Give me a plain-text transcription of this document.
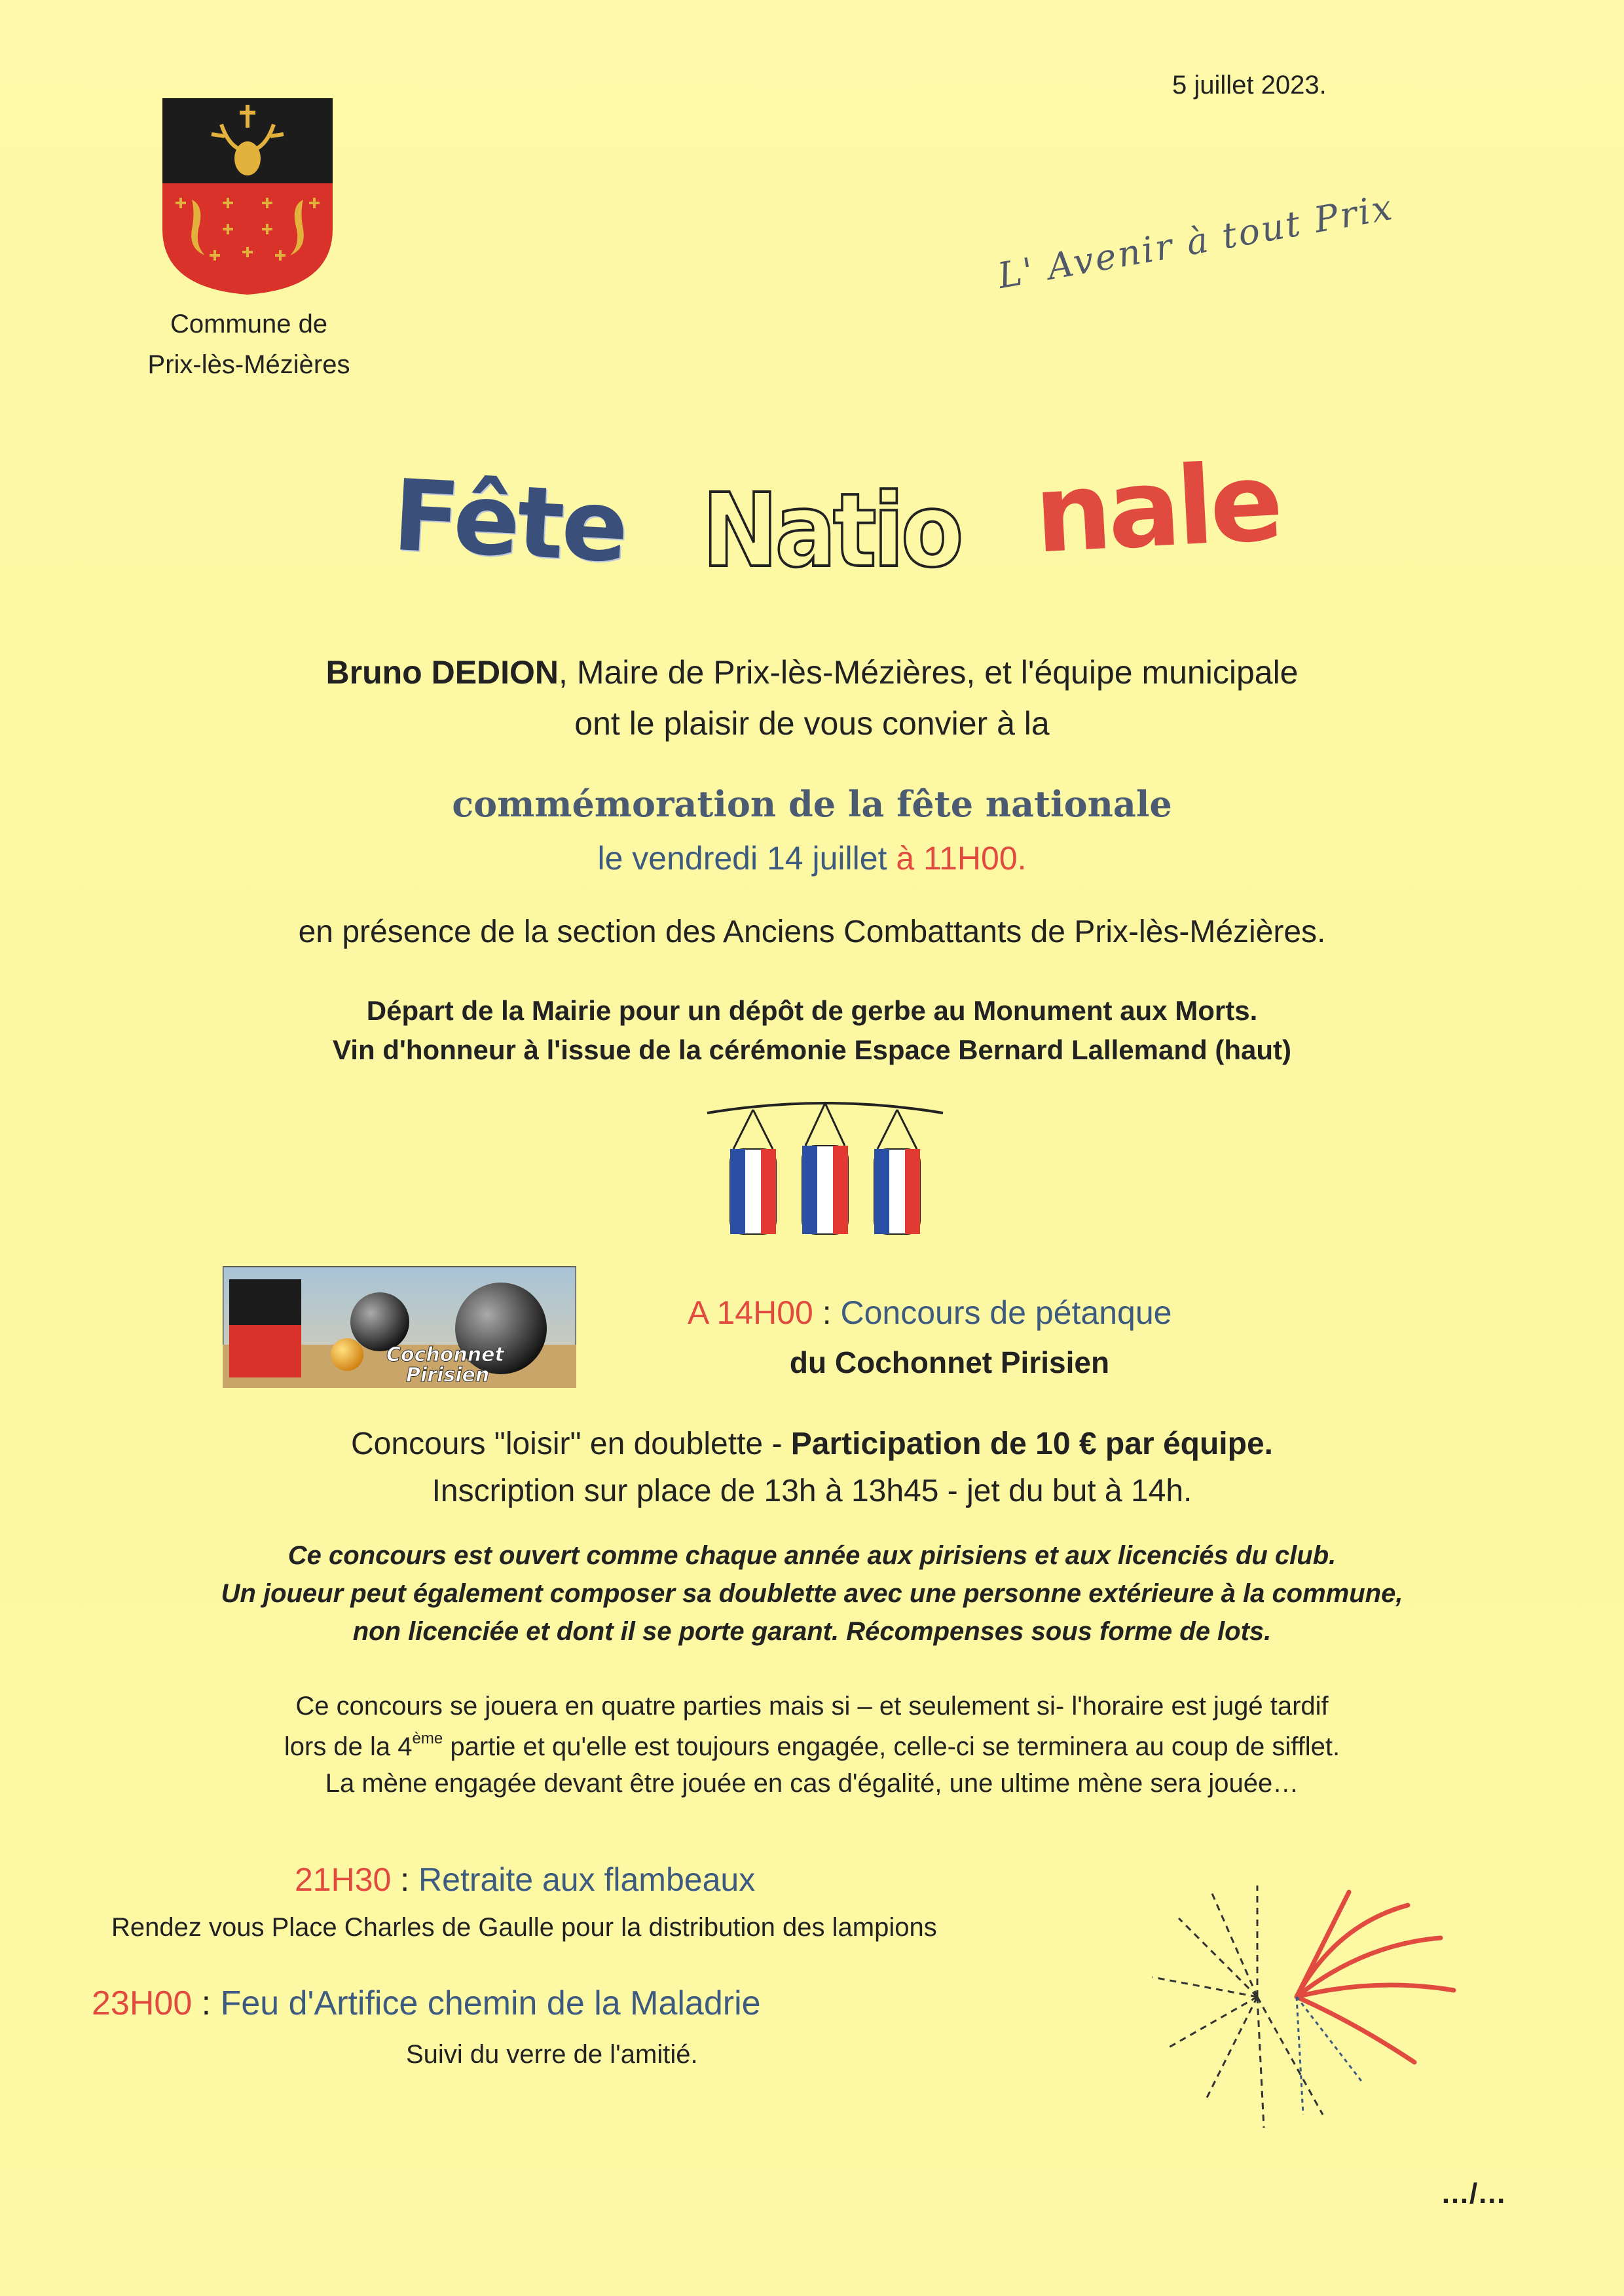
5 juillet 2023.
Commune de
Prix-lès-Mézières
L' Avenir à tout Prix
Fête Natio nale
Bruno DEDION, Maire de Prix-lès-Mézières, et l'équipe municipale
ont le plaisir de vous convier à la
commémoration de la fête nationale
le vendredi 14 juillet à 11H00.
en présence de la section des Anciens Combattants de Prix-lès-Mézières.
Départ de la Mairie pour un dépôt de gerbe au Monument aux Morts.
Vin d'honneur à l'issue de la cérémonie Espace Bernard Lallemand (haut)
Cochonnet
Pirisien
A 14H00 : Concours de pétanque
du Cochonnet Pirisien
Concours "loisir" en doublette - Participation de 10 € par équipe.
Inscription sur place de 13h à 13h45 - jet du but à 14h.
Ce concours est ouvert comme chaque année aux pirisiens et aux licenciés du club.
Un joueur peut également composer sa doublette avec une personne extérieure à la commune,
non licenciée et dont il se porte garant. Récompenses sous forme de lots.
Ce concours se jouera en quatre parties mais si – et seulement si- l'horaire est jugé tardif
lors de la 4ème partie et qu'elle est toujours engagée, celle-ci se terminera au coup de sifflet.
La mène engagée devant être jouée en cas d'égalité, une ultime mène sera jouée…
21H30 : Retraite aux flambeaux
Rendez vous Place Charles de Gaulle pour la distribution des lampions
23H00 : Feu d'Artifice chemin de la Maladrie
Suivi du verre de l'amitié.
…/…
